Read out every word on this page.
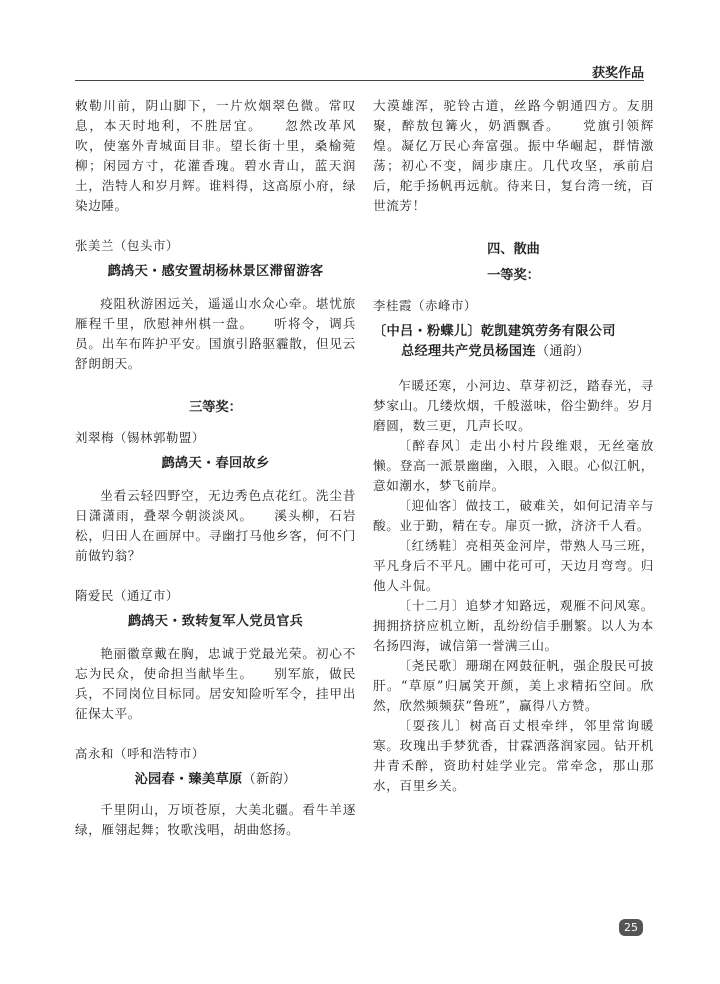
获奖作品

敕勒川前，阴山脚下，一片炊烟翠色微。常叹息，本天时地利，不胜居宜。　　忽然改革风吹，使塞外青城面目非。望长街十里，桑榆菀柳；闲园方寸，花灌香瑰。碧水青山，蓝天润土，浩特人和岁月辉。谁料得，这高原小府，绿染边陲。

张美兰（包头市）

鹧鸪天・感安置胡杨林景区滞留游客

疫阻秋游困远关，遥遥山水众心牵。堪忧旅雁程千里，欣慰神州棋一盘。　　听将令，调兵员。出车布阵护平安。国旗引路驱霾散，但见云舒朗朗天。

三等奖：

刘翠梅（锡林郭勒盟）

鹧鸪天・春回故乡

坐看云轻四野空，无边秀色点花红。洗尘昔日潇潇雨，叠翠今朝淡淡风。　　溪头柳，石岩松，归田人在画屏中。寻幽打马他乡客，何不门前做钓翁？

隋爱民（通辽市）

鹧鸪天・致转复军人党员官兵

艳丽徽章戴在胸，忠诚于党最光荣。初心不忘为民众，使命担当献毕生。　　别军旅，做民兵，不同岗位目标同。居安知险听军令，挂甲出征保太平。

高永和（呼和浩特市）

沁园春・臻美草原（新韵）

千里阴山，万顷苍原，大美北疆。看牛羊逐绿，雁翎起舞；牧歌浅唱，胡曲悠扬。

大漠雄浑，驼铃古道，丝路今朝通四方。友朋聚，醉敖包篝火，奶酒飘香。　　党旗引领辉煌。凝亿万民心奔富强。振中华崛起，群情激荡；初心不变，阔步康庄。几代攻坚，承前启后，舵手扬帆再远航。待来日，复台湾一统，百世流芳！

四、散曲

一等奖：

李桂霞（赤峰市）

〔中吕・粉蝶儿〕乾凯建筑劳务有限公司

总经理共产党员杨国连（通韵）

乍暖还寒，小河边、草芽初泛，踏春光，寻梦家山。几缕炊烟，千般滋味，俗尘勤绊。岁月磨圆，数三更，几声长叹。

〔醉春风〕走出小村片段维艰，无丝毫放懒。登高一派景幽幽，入眼，入眼。心似江帆，意如潮水，梦飞前岸。

〔迎仙客〕做技工，破难关，如何记清辛与酸。业于勤，精在专。扉页一掀，济济千人看。

〔红绣鞋〕亮相英金河岸，带熟人马三班，平凡身后不平凡。圃中花可可，天边月弯弯。归他人斗侃。

〔十二月〕追梦才知路远，观雁不问风寒。拥拥挤挤应机立断，乱纷纷信手删繁。以人为本名扬四海，诚信第一誉满三山。

〔尧民歌〕珊瑚在网鼓征帆，强企殷民可披肝。“草原”归属笑开颜，美上求精拓空间。欣然，欣然频频获“鲁班”，赢得八方赞。

〔耍孩儿〕树高百丈根牵绊，邻里常询暖寒。玫瑰出手梦犹香，甘霖洒落润家园。钻开机井青禾醉，资助村娃学业完。常牵念，那山那水，百里乡关。

25
